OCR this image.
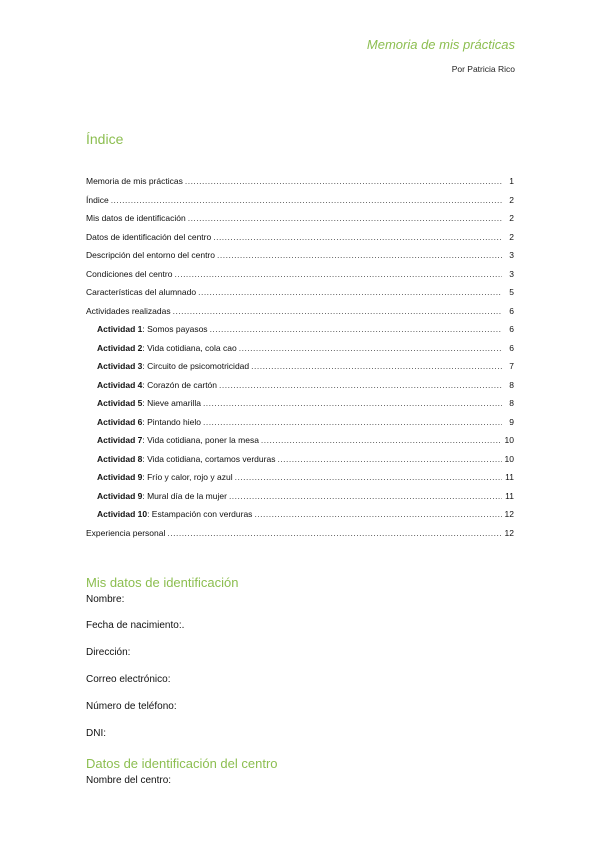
Memoria de mis prácticas
Por Patricia Rico
Índice
Memoria de mis prácticas .....	1
Índice .....	2
Mis datos de identificación .....	2
Datos de identificación del centro .....	2
Descripción del entorno del centro .....	3
Condiciones del centro .....	3
Características del alumnado .....	5
Actividades realizadas .....	6
Actividad 1: Somos payasos .....	6
Actividad 2: Vida cotidiana, cola cao .....	6
Actividad 3: Circuito de psicomotricidad .....	7
Actividad 4: Corazón de cartón .....	8
Actividad 5: Nieve amarilla .....	8
Actividad 6: Pintando hielo .....	9
Actividad 7: Vida cotidiana, poner la mesa .....	10
Actividad 8: Vida cotidiana, cortamos verduras .....	10
Actividad 9: Frío y calor, rojo y azul .....	11
Actividad 9: Mural día de la mujer .....	11
Actividad 10: Estampación con verduras .....	12
Experiencia personal .....	12
Mis datos de identificación
Nombre:
Fecha de nacimiento:.
Dirección:
Correo electrónico:
Número de teléfono:
DNI:
Datos de identificación del centro
Nombre del centro:
